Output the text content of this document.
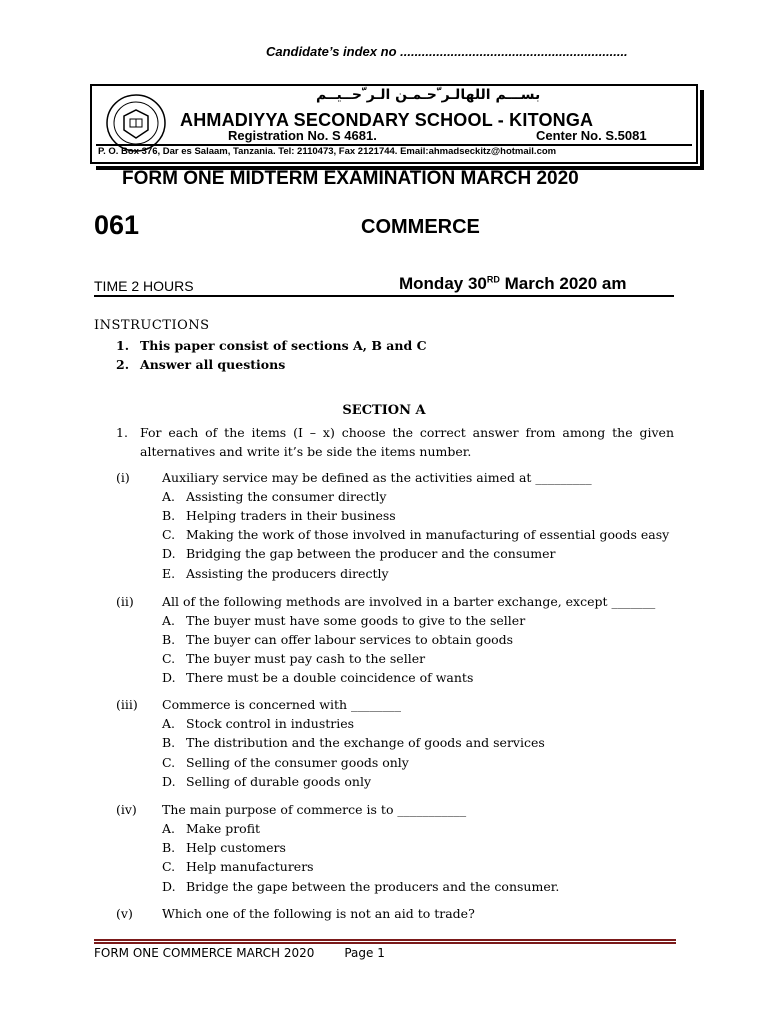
Candidate’s index no ...............................................................
بســـم اللهالـر ّحـمـن الـر ّحــيــم
AHMADIYYA SECONDARY SCHOOL - KITONGA
Registration No. S 4681.	Center No. S.5081
P. O. Box 376, Dar es Salaam, Tanzania. Tel: 2110473, Fax 2121744. Email:ahmadseckitz@hotmail.com
FORM ONE MIDTERM EXAMINATION MARCH 2020
061	COMMERCE
TIME 2 HOURS	Monday 30RD March 2020 am
INSTRUCTIONS
1. This paper consist of sections A, B and C
2. Answer all questions
SECTION A
1. For each of the items (I – x) choose the correct answer from among the given alternatives and write it’s be side the items number.
(i)	Auxiliary service may be defined as the activities aimed at _________
A. Assisting the consumer directly
B. Helping traders in their business
C. Making the work of those involved in manufacturing of essential goods easy
D. Bridging the gap between the producer and the consumer
E. Assisting the producers directly
(ii) All of the following methods are involved in a barter exchange, except _______
A. The buyer must have some goods to give to the seller
B. The buyer can offer labour services to obtain goods
C. The buyer must pay cash to the seller
D. There must be a double coincidence of wants
(iii) Commerce is concerned with ________
A. Stock control in industries
B. The distribution and the exchange of goods and services
C. Selling of the consumer goods only
D. Selling of durable goods only
(iv) The main purpose of commerce is to ___________
A. Make profit
B. Help customers
C. Help manufacturers
D. Bridge the gape between the producers and the consumer.
(v) Which one of the following is not an aid to trade?
FORM ONE COMMERCE MARCH 2020	Page 1
